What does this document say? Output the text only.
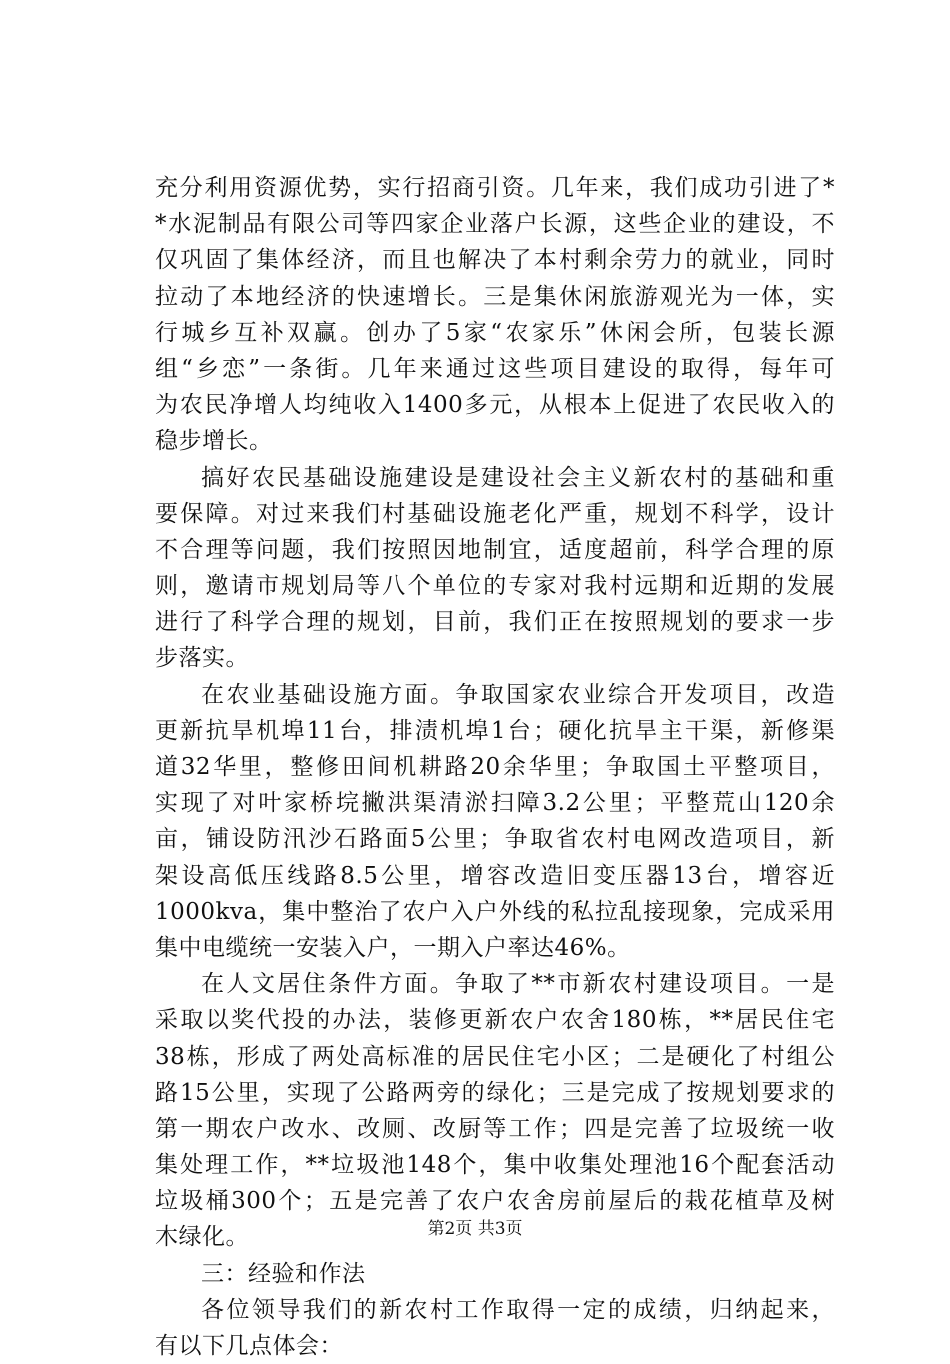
充分利用资源优势，实行招商引资。几年来，我们成功引进了*
*水泥制品有限公司等四家企业落户长源，这些企业的建设，不
仅巩固了集体经济，而且也解决了本村剩余劳力的就业，同时
拉动了本地经济的快速增长。三是集休闲旅游观光为一体，实
行城乡互补双赢。创办了5家“农家乐”休闲会所，包装长源
组“乡恋”一条街。几年来通过这些项目建设的取得，每年可
为农民净增人均纯收入1400多元，从根本上促进了农民收入的
稳步增长。
搞好农民基础设施建设是建设社会主义新农村的基础和重
要保障。对过来我们村基础设施老化严重，规划不科学，设计
不合理等问题，我们按照因地制宜，适度超前，科学合理的原
则，邀请市规划局等八个单位的专家对我村远期和近期的发展
进行了科学合理的规划，目前，我们正在按照规划的要求一步
步落实。
在农业基础设施方面。争取国家农业综合开发项目，改造
更新抗旱机埠11台，排渍机埠1台；硬化抗旱主干渠，新修渠
道32华里，整修田间机耕路20余华里；争取国土平整项目，
实现了对叶家桥垸撇洪渠清淤扫障3.2公里；平整荒山120余
亩，铺设防汛沙石路面5公里；争取省农村电网改造项目，新
架设高低压线路8.5公里，增容改造旧变压器13台，增容近
1000kva，集中整治了农户入户外线的私拉乱接现象，完成采用
集中电缆统一安装入户，一期入户率达46%。
在人文居住条件方面。争取了**市新农村建设项目。一是
采取以奖代投的办法，装修更新农户农舍180栋，**居民住宅
38栋，形成了两处高标准的居民住宅小区；二是硬化了村组公
路15公里，实现了公路两旁的绿化；三是完成了按规划要求的
第一期农户改水、改厕、改厨等工作；四是完善了垃圾统一收
集处理工作，**垃圾池148个，集中收集处理池16个配套活动
垃圾桶300个；五是完善了农户农舍房前屋后的栽花植草及树
木绿化。
三：经验和作法
各位领导我们的新农村工作取得一定的成绩，归纳起来，
有以下几点体会：
第2页 共3页
